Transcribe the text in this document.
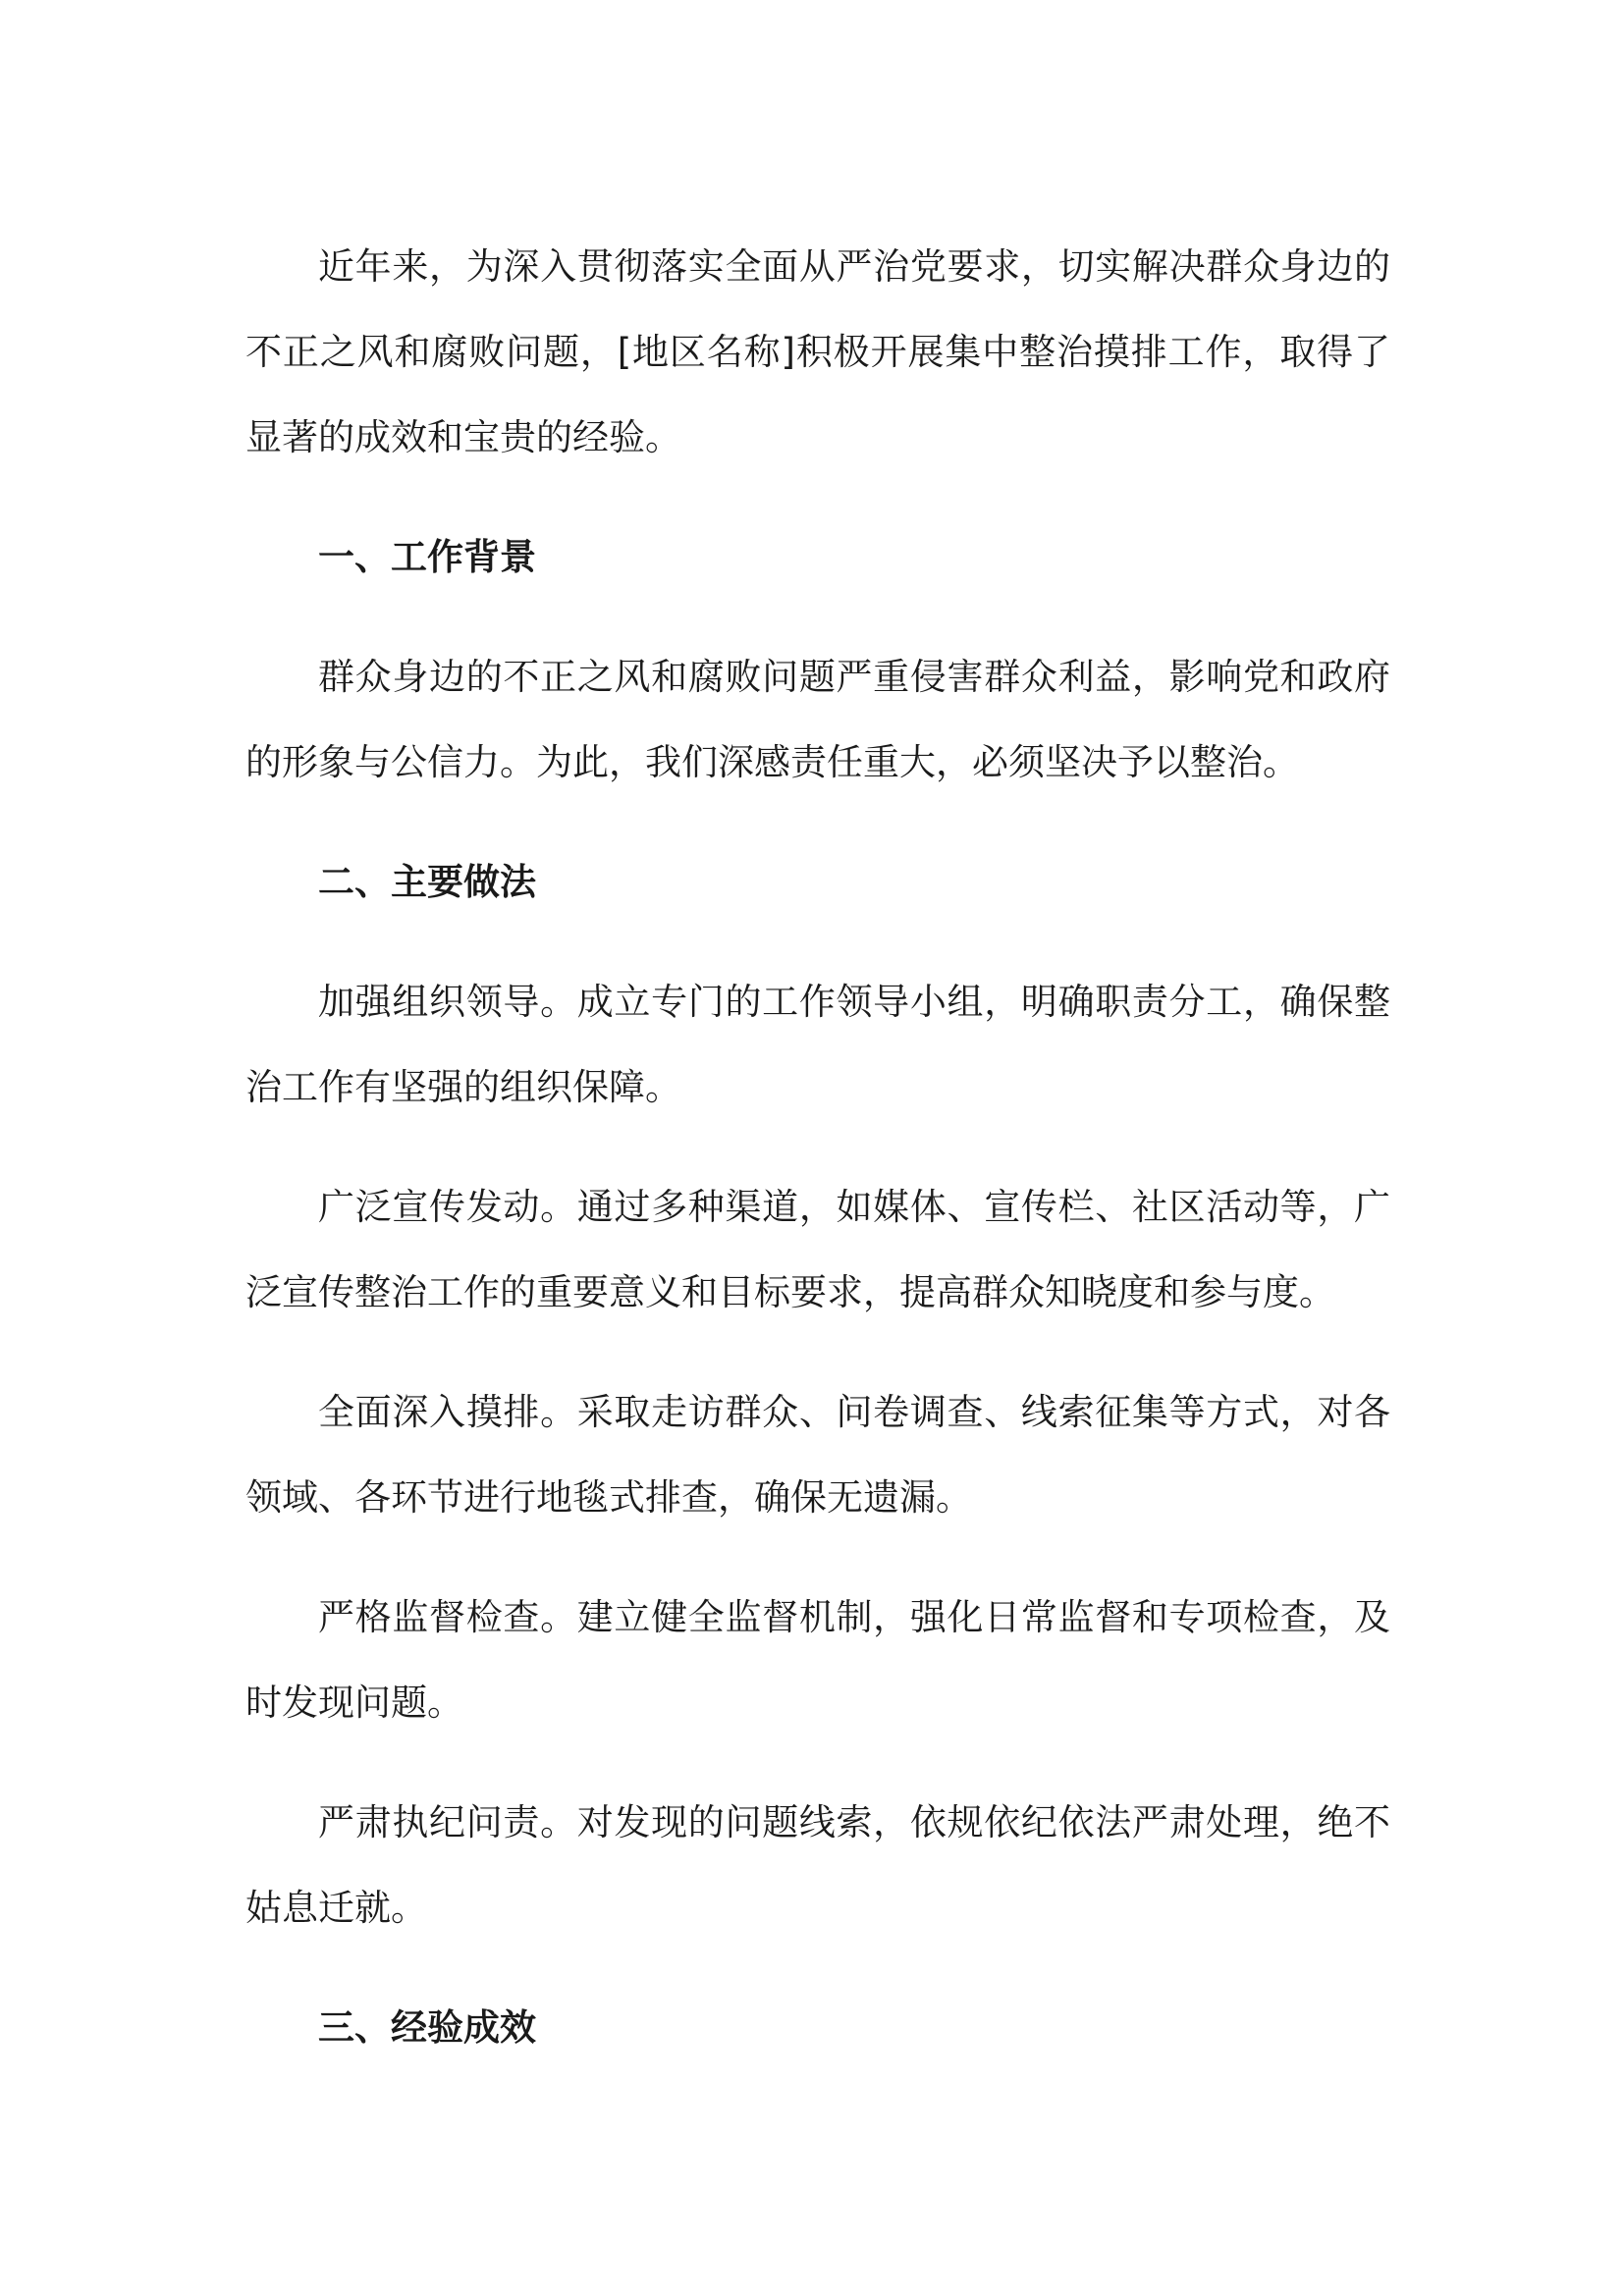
近年来，为深入贯彻落实全面从严治党要求，切实解决群众身边的不正之风和腐败问题，[地区名称]积极开展集中整治摸排工作，取得了显著的成效和宝贵的经验。

一、工作背景

群众身边的不正之风和腐败问题严重侵害群众利益，影响党和政府的形象与公信力。为此，我们深感责任重大，必须坚决予以整治。

二、主要做法

加强组织领导。成立专门的工作领导小组，明确职责分工，确保整治工作有坚强的组织保障。

广泛宣传发动。通过多种渠道，如媒体、宣传栏、社区活动等，广泛宣传整治工作的重要意义和目标要求，提高群众知晓度和参与度。

全面深入摸排。采取走访群众、问卷调查、线索征集等方式，对各领域、各环节进行地毯式排查，确保无遗漏。

严格监督检查。建立健全监督机制，强化日常监督和专项检查，及时发现问题。

严肃执纪问责。对发现的问题线索，依规依纪依法严肃处理，绝不姑息迁就。

三、经验成效
